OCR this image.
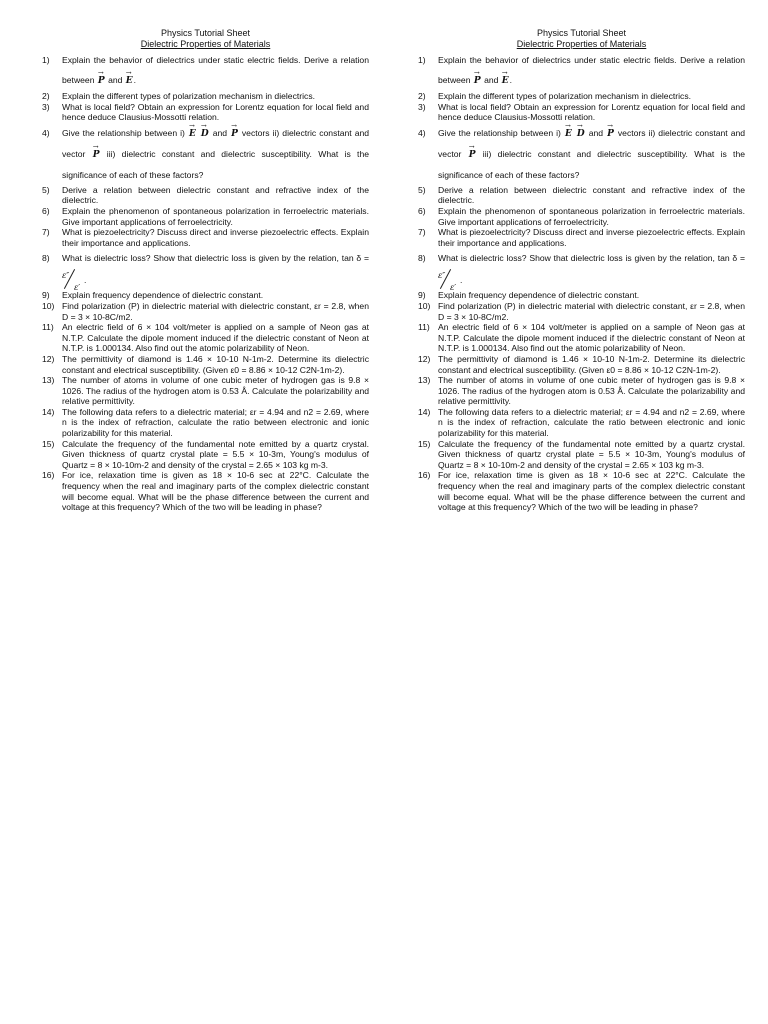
Physics Tutorial Sheet
Dielectric Properties of Materials
1) Explain the behavior of dielectrics under static electric fields. Derive a relation between → P and → E.
2) Explain the different types of polarization mechanism in dielectrics.
3) What is local field? Obtain an expression for Lorentz equation for local field and hence deduce Clausius-Mossotti relation.
4) Give the relationship between i) → E → D and → P vectors ii) dielectric constant and vector → P iii) dielectric constant and dielectric susceptibility. What is the significance of each of these factors?
5) Derive a relation between dielectric constant and refractive index of the dielectric.
6) Explain the phenomenon of spontaneous polarization in ferroelectric materials. Give important applications of ferroelectricity.
7) What is piezoelectricity? Discuss direct and inverse piezoelectric effects. Explain their importance and applications.
8) What is dielectric loss? Show that dielectric loss is given by the relation, tan δ =
ε″
ε′
.
9) Explain frequency dependence of dielectric constant.
10) Find polarization (P) in dielectric material with dielectric constant, εr = 2.8, when D = 3 × 10-8C/m2.
11) An electric field of 6 × 104 volt/meter is applied on a sample of Neon gas at N.T.P. Calculate the dipole moment induced if the dielectric constant of Neon at N.T.P. is 1.000134. Also find out the atomic polarizability of Neon.
12) The permittivity of diamond is 1.46 × 10-10 N-1m-2. Determine its dielectric constant and electrical susceptibility. (Given ε0 = 8.86 × 10-12 C2N-1m-2).
13) The number of atoms in volume of one cubic meter of hydrogen gas is 9.8 × 1026. The radius of the hydrogen atom is 0.53 Å. Calculate the polarizability and relative permittivity.
14) The following data refers to a dielectric material; εr = 4.94 and n2 = 2.69, where n is the index of refraction, calculate the ratio between electronic and ionic polarizability for this material.
15) Calculate the frequency of the fundamental note emitted by a quartz crystal. Given thickness of quartz crystal plate = 5.5 × 10-3m, Young's modulus of Quartz = 8 × 10-10m-2 and density of the crystal = 2.65 × 103 kg m-3.
16) For ice, relaxation time is given as 18 × 10-6 sec at 22°C. Calculate the frequency when the real and imaginary parts of the complex dielectric constant will become equal. What will be the phase difference between the current and voltage at this frequency? Which of the two will be leading in phase?
Physics Tutorial Sheet
Dielectric Properties of Materials
1) Explain the behavior of dielectrics under static electric fields. Derive a relation between → P and → E.
2) Explain the different types of polarization mechanism in dielectrics.
3) What is local field? Obtain an expression for Lorentz equation for local field and hence deduce Clausius-Mossotti relation.
4) Give the relationship between i) → E → D and → P vectors ii) dielectric constant and vector → P iii) dielectric constant and dielectric susceptibility. What is the significance of each of these factors?
5) Derive a relation between dielectric constant and refractive index of the dielectric.
6) Explain the phenomenon of spontaneous polarization in ferroelectric materials. Give important applications of ferroelectricity.
7) What is piezoelectricity? Discuss direct and inverse piezoelectric effects. Explain their importance and applications.
8) What is dielectric loss? Show that dielectric loss is given by the relation, tan δ =
ε″
ε′
.
9) Explain frequency dependence of dielectric constant.
10) Find polarization (P) in dielectric material with dielectric constant, εr = 2.8, when D = 3 × 10-8C/m2.
11) An electric field of 6 × 104 volt/meter is applied on a sample of Neon gas at N.T.P. Calculate the dipole moment induced if the dielectric constant of Neon at N.T.P. is 1.000134. Also find out the atomic polarizability of Neon.
12) The permittivity of diamond is 1.46 × 10-10 N-1m-2. Determine its dielectric constant and electrical susceptibility. (Given ε0 = 8.86 × 10-12 C2N-1m-2).
13) The number of atoms in volume of one cubic meter of hydrogen gas is 9.8 × 1026. The radius of the hydrogen atom is 0.53 Å. Calculate the polarizability and relative permittivity.
14) The following data refers to a dielectric material; εr = 4.94 and n2 = 2.69, where n is the index of refraction, calculate the ratio between electronic and ionic polarizability for this material.
15) Calculate the frequency of the fundamental note emitted by a quartz crystal. Given thickness of quartz crystal plate = 5.5 × 10-3m, Young's modulus of Quartz = 8 × 10-10m-2 and density of the crystal = 2.65 × 103 kg m-3.
16) For ice, relaxation time is given as 18 × 10-6 sec at 22°C. Calculate the frequency when the real and imaginary parts of the complex dielectric constant will become equal. What will be the phase difference between the current and voltage at this frequency? Which of the two will be leading in phase?
